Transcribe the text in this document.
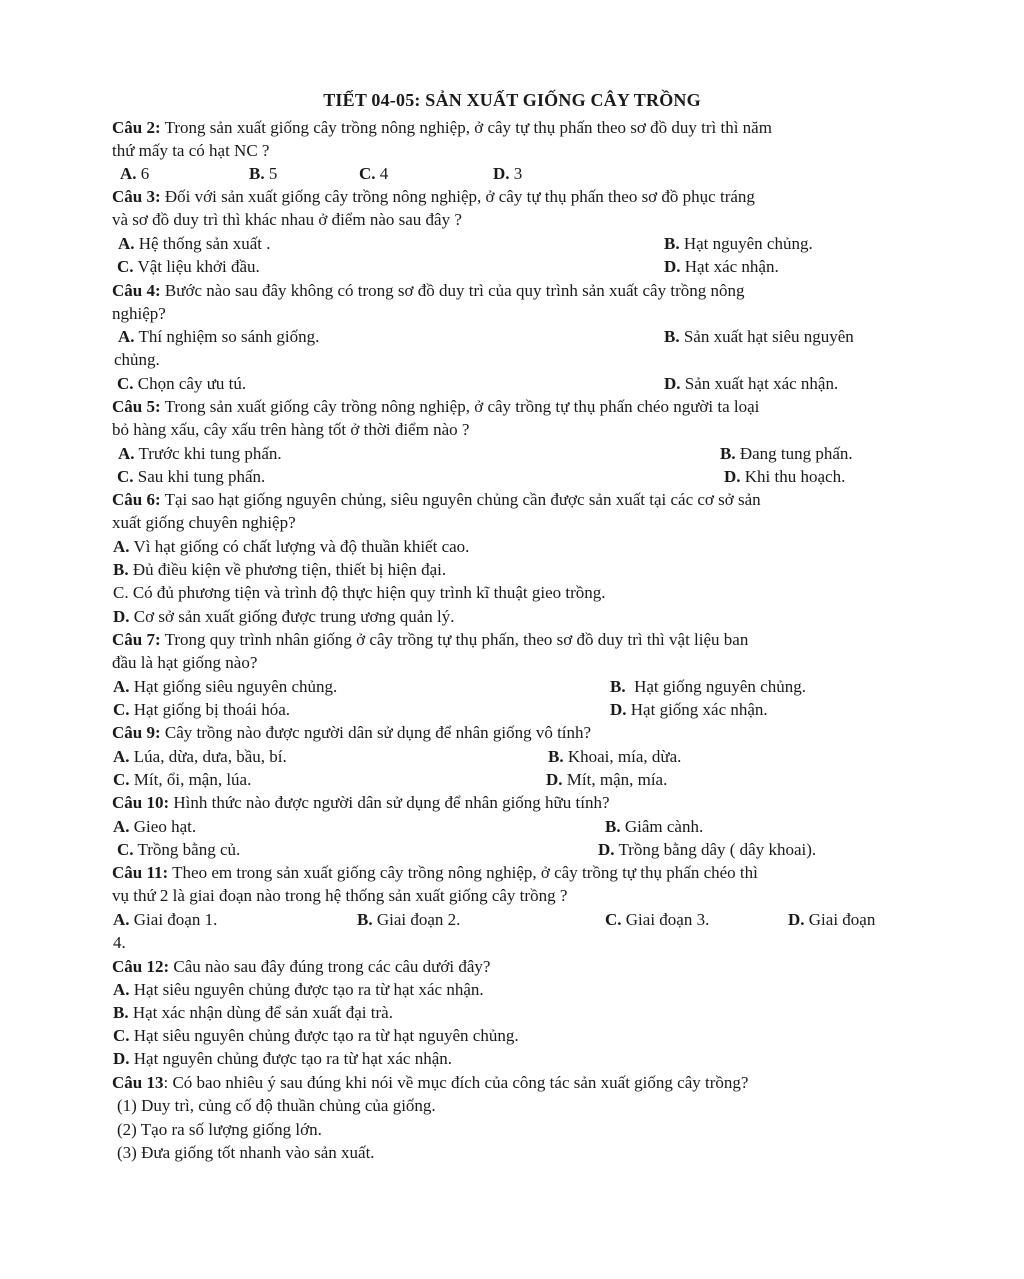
TIẾT 04-05: SẢN XUẤT GIỐNG CÂY TRỒNG
Câu 2: Trong sản xuất giống cây trồng nông nghiệp, ở cây tự thụ phấn theo sơ đồ duy trì thì năm
thứ mấy ta có hạt NC ?
A. 6	B. 5	C. 4	D. 3
Câu 3: Đối với sản xuất giống cây trồng nông nghiệp, ở cây tự thụ phấn theo sơ đồ phục tráng
và sơ đồ duy trì thì khác nhau ở điểm nào sau đây ?
A. Hệ thống sản xuất .	B. Hạt nguyên chủng.
C. Vật liệu khởi đầu.	D. Hạt xác nhận.
Câu 4: Bước nào sau đây không có trong sơ đồ duy trì của quy trình sản xuất cây trồng nông
nghiệp?
A. Thí nghiệm so sánh giống.	B. Sản xuất hạt siêu nguyên
chủng.
C. Chọn cây ưu tú.	D. Sản xuất hạt xác nhận.
Câu 5: Trong sản xuất giống cây trồng nông nghiệp, ở cây trồng tự thụ phấn chéo người ta loại
bỏ hàng xấu, cây xấu trên hàng tốt ở thời điểm nào ?
A. Trước khi tung phấn.	B. Đang tung phấn.
C. Sau khi tung phấn.	D. Khi thu hoạch.
Câu 6: Tại sao hạt giống nguyên chủng, siêu nguyên chủng cần được sản xuất tại các cơ sở sản
xuất giống chuyên nghiệp?
A. Vì hạt giống có chất lượng và độ thuần khiết cao.
B. Đủ điều kiện về phương tiện, thiết bị hiện đại.
C. Có đủ phương tiện và trình độ thực hiện quy trình kĩ thuật gieo trồng.
D. Cơ sở sản xuất giống được trung ương quản lý.
Câu 7: Trong quy trình nhân giống ở cây trồng tự thụ phấn, theo sơ đồ duy trì thì vật liệu ban
đầu là hạt giống nào?
A. Hạt giống siêu nguyên chủng.	B. Hạt giống nguyên chủng.
C. Hạt giống bị thoái hóa.	D. Hạt giống xác nhận.
Câu 9: Cây trồng nào được người dân sử dụng để nhân giống vô tính?
A. Lúa, dừa, dưa, bầu, bí.	B. Khoai, mía, dừa.
C. Mít, ổi, mận, lúa.	D. Mít, mận, mía.
Câu 10: Hình thức nào được người dân sử dụng để nhân giống hữu tính?
A. Gieo hạt.	B. Giâm cành.
C. Trồng bằng củ.	D. Trồng bằng dây ( dây khoai).
Câu 11: Theo em trong sản xuất giống cây trồng nông nghiệp, ở cây trồng tự thụ phấn chéo thì
vụ thứ 2 là giai đoạn nào trong hệ thống sản xuất giống cây trồng ?
A. Giai đoạn 1.	B. Giai đoạn 2.	C. Giai đoạn 3.	D. Giai đoạn
4.
Câu 12: Câu nào sau đây đúng trong các câu dưới đây?
A. Hạt siêu nguyên chủng được tạo ra từ hạt xác nhận.
B. Hạt xác nhận dùng để sản xuất đại trà.
C. Hạt siêu nguyên chủng được tạo ra từ hạt nguyên chủng.
D. Hạt nguyên chủng được tạo ra từ hạt xác nhận.
Câu 13: Có bao nhiêu ý sau đúng khi nói về mục đích của công tác sản xuất giống cây trồng?
(1) Duy trì, củng cố độ thuần chủng của giống.
(2) Tạo ra số lượng giống lớn.
(3) Đưa giống tốt nhanh vào sản xuất.
